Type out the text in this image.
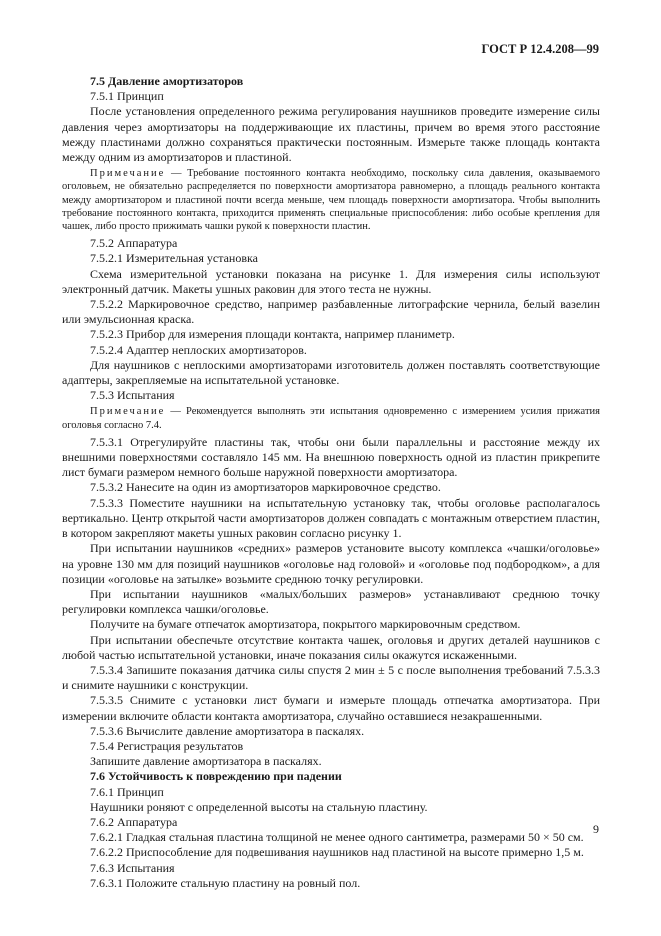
ГОСТ Р 12.4.208—99

7.5 Давление амортизаторов

7.5.1 Принцип

После установления определенного режима регулирования наушников проведите измерение силы давления через амортизаторы на поддерживающие их пластины, причем во время этого расстояние между пластинами должно сохраняться практически постоянным. Измерьте также площадь контакта между одним из амортизаторов и пластиной.

Примечание — Требование постоянного контакта необходимо, поскольку сила давления, оказываемого оголовьем, не обязательно распределяется по поверхности амортизатора равномерно, а площадь реального контакта между амортизатором и пластиной почти всегда меньше, чем площадь поверхности амортизатора. Чтобы выполнить требование постоянного контакта, приходится применять специальные приспособления: либо особые крепления для чашек, либо просто прижимать чашки рукой к поверхности пластин.

7.5.2 Аппаратура

7.5.2.1 Измерительная установка

Схема измерительной установки показана на рисунке 1. Для измерения силы используют электронный датчик. Макеты ушных раковин для этого теста не нужны.

7.5.2.2 Маркировочное средство, например разбавленные литографские чернила, белый вазелин или эмульсионная краска.

7.5.2.3 Прибор для измерения площади контакта, например планиметр.

7.5.2.4 Адаптер неплоских амортизаторов.

Для наушников с неплоскими амортизаторами изготовитель должен поставлять соответствующие адаптеры, закрепляемые на испытательной установке.

7.5.3 Испытания

Примечание — Рекомендуется выполнять эти испытания одновременно с измерением усилия прижатия оголовья согласно 7.4.

7.5.3.1 Отрегулируйте пластины так, чтобы они были параллельны и расстояние между их внешними поверхностями составляло 145 мм. На внешнюю поверхность одной из пластин прикрепите лист бумаги размером немного больше наружной поверхности амортизатора.

7.5.3.2 Нанесите на один из амортизаторов маркировочное средство.

7.5.3.3 Поместите наушники на испытательную установку так, чтобы оголовье располагалось вертикально. Центр открытой части амортизаторов должен совпадать с монтажным отверстием пластин, в котором закрепляют макеты ушных раковин согласно рисунку 1.

При испытании наушников «средних» размеров установите высоту комплекса «чашки/оголовье» на уровне 130 мм для позиций наушников «оголовье над головой» и «оголовье под подбородком», а для позиции «оголовье на затылке» возьмите среднюю точку регулировки.

При испытании наушников «малых/больших размеров» устанавливают среднюю точку регулировки комплекса чашки/оголовье.

Получите на бумаге отпечаток амортизатора, покрытого маркировочным средством.

При испытании обеспечьте отсутствие контакта чашек, оголовья и других деталей наушников с любой частью испытательной установки, иначе показания силы окажутся искаженными.

7.5.3.4 Запишите показания датчика силы спустя 2 мин ± 5 с после выполнения требований 7.5.3.3 и снимите наушники с конструкции.

7.5.3.5 Снимите с установки лист бумаги и измерьте площадь отпечатка амортизатора. При измерении включите области контакта амортизатора, случайно оставшиеся незакрашенными.

7.5.3.6 Вычислите давление амортизатора в паскалях.

7.5.4 Регистрация результатов

Запишите давление амортизатора в паскалях.

7.6 Устойчивость к повреждению при падении

7.6.1 Принцип

Наушники роняют с определенной высоты на стальную пластину.

7.6.2 Аппаратура

7.6.2.1 Гладкая стальная пластина толщиной не менее одного сантиметра, размерами 50 × 50 см.

7.6.2.2 Приспособление для подвешивания наушников над пластиной на высоте примерно 1,5 м.

7.6.3 Испытания

7.6.3.1 Положите стальную пластину на ровный пол.

9
